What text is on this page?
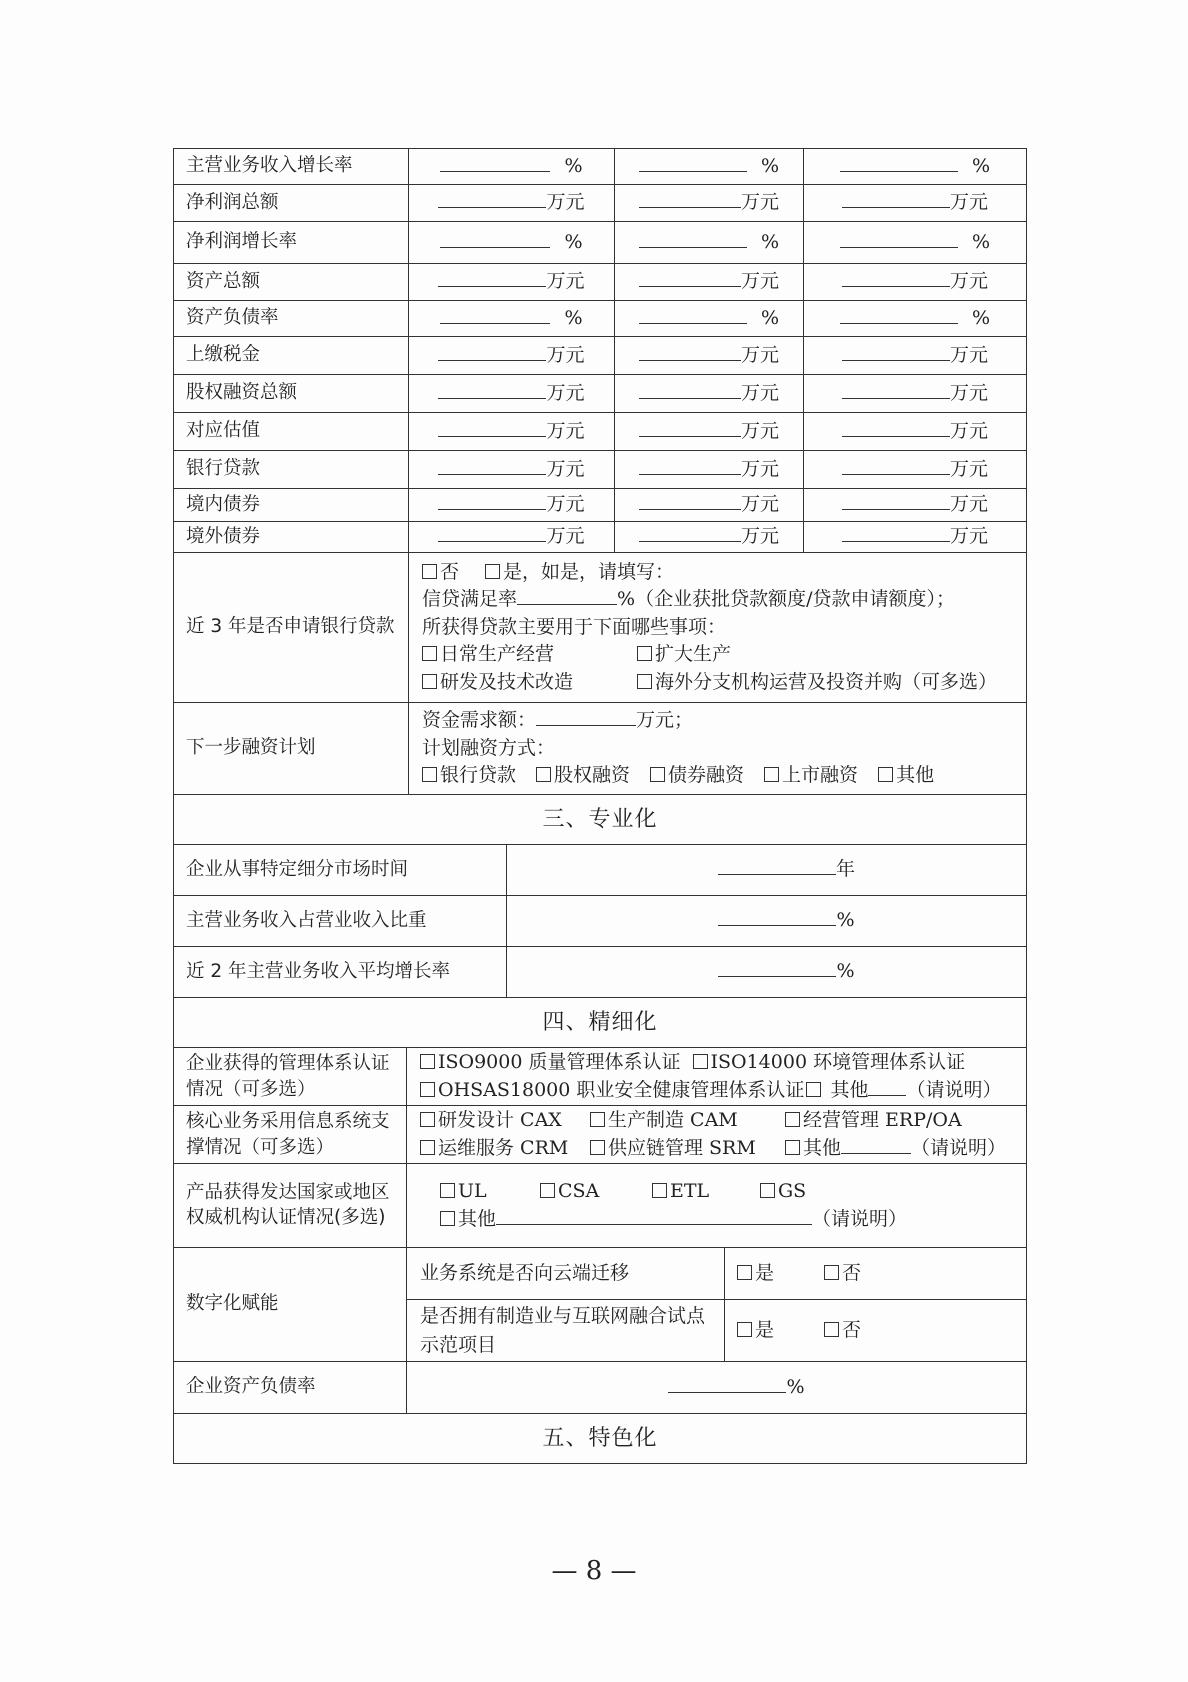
主营业务收入增长率	%	%	%
净利润总额	万元	万元	万元
净利润增长率	%	%	%
资产总额	万元	万元	万元
资产负债率	%	%	%
上缴税金	万元	万元	万元
股权融资总额	万元	万元	万元
对应估值	万元	万元	万元
银行贷款	万元	万元	万元
境内债券	万元	万元	万元
境外债券	万元	万元	万元
近 3 年是否申请银行贷款	否 是，如是，请填写：
信贷满足率 %（企业获批贷款额度/贷款申请额度）；
所获得贷款主要用于下面哪些事项：
日常生产经营 扩大生产
研发及技术改造 海外分支机构运营及投资并购（可多选）

下一步融资计划	资金需求额： 万元；
计划融资方式：
银行贷款 股权融资 债券融资 上市融资 其他

三、专业化	
企业从事特定细分市场时间	年
主营业务收入占营业收入比重	%
近 2 年主营业务收入平均增长率	%
四、精细化	
企业获得的管理体系认证情况（可多选）	ISO9000 质量管理体系认证 ISO14000 环境管理体系认证
OHSAS18000 职业安全健康管理体系认证 其他 （请说明）	

核心业务采用信息系统支撑情况（可多选）	研发设计 CAX 生产制造 CAM 经营管理 ERP/OA
运维服务 CRM 供应链管理 SRM 其他 （请说明）	

产品获得发达国家或地区权威机构认证情况(多选)	UL CSA ETL GS
其他 （请说明）	

数字化赋能	业务系统是否向云端迁移	是 否
	是否拥有制造业与互联网融合试点示范项目	是 否
企业资产负债率	%	
五、特色化		
— 8 —
